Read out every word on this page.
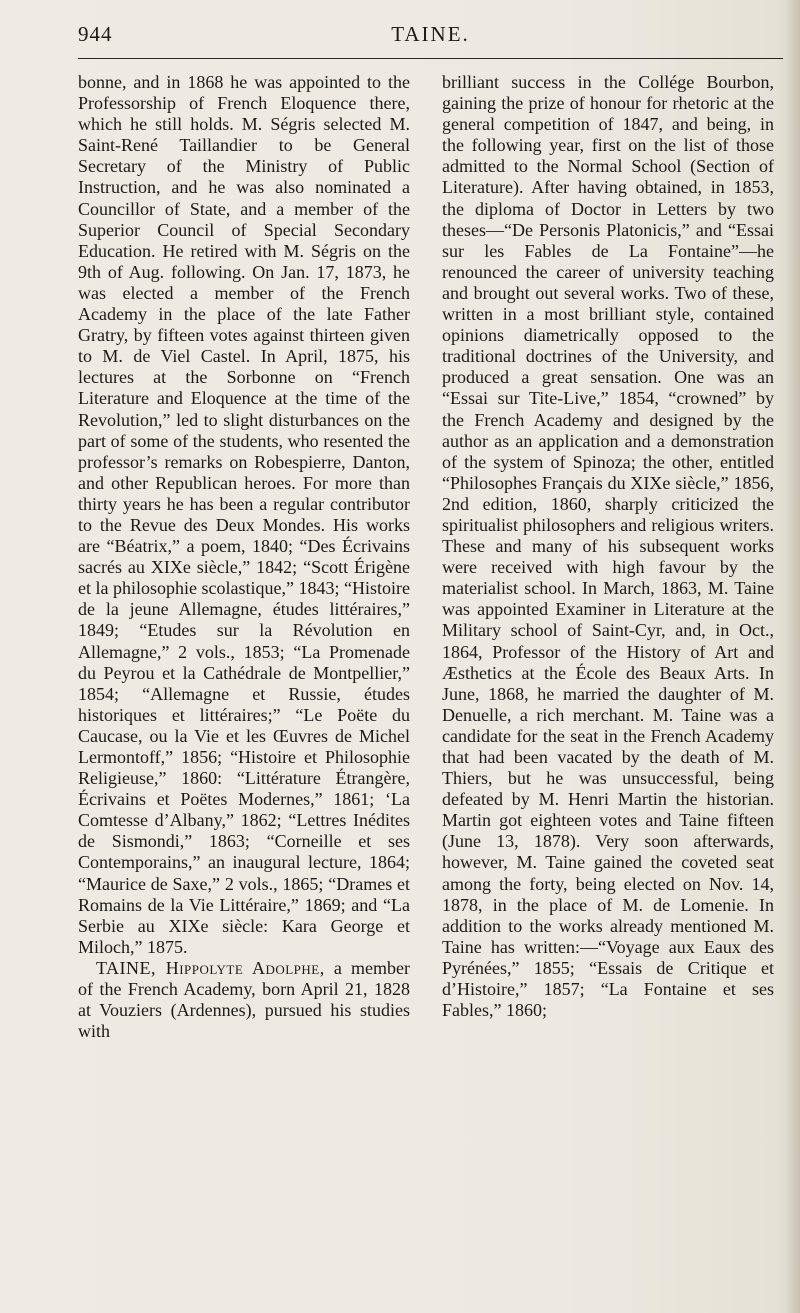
944	TAINE.

bonne, and in 1868 he was appointed to the Professorship of French Eloquence there, which he still holds. M. Ségris selected M. Saint-René Taillandier to be General Secretary of the Ministry of Public Instruction, and he was also nominated a Councillor of State, and a member of the Superior Council of Special Secondary Education. He retired with M. Ségris on the 9th of Aug. following. On Jan. 17, 1873, he was elected a member of the French Academy in the place of the late Father Gratry, by fifteen votes against thirteen given to M. de Viel Castel. In April, 1875, his lectures at the Sorbonne on “French Literature and Eloquence at the time of the Revolution,” led to slight disturbances on the part of some of the students, who resented the professor’s remarks on Robespierre, Danton, and other Republican heroes. For more than thirty years he has been a regular contributor to the Revue des Deux Mondes. His works are “Béatrix,” a poem, 1840; “Des Écrivains sacrés au XIXe siècle,” 1842; “Scott Érigène et la philosophie scolastique,” 1843; “Histoire de la jeune Allemagne, études littéraires,” 1849; “Etudes sur la Révolution en Allemagne,” 2 vols., 1853; “La Promenade du Peyrou et la Cathédrale de Montpellier,” 1854; “Allemagne et Russie, études historiques et littéraires;” “Le Poëte du Caucase, ou la Vie et les Œuvres de Michel Lermontoff,” 1856; “Histoire et Philosophie Religieuse,” 1860: “Littérature Étrangère, Écrivains et Poëtes Modernes,” 1861; ‘La Comtesse d’Albany,” 1862; “Lettres Inédites de Sismondi,” 1863; “Corneille et ses Contemporains,” an inaugural lecture, 1864; “Maurice de Saxe,” 2 vols., 1865; “Drames et Romains de la Vie Littéraire,” 1869; and “La Serbie au XIXe siècle: Kara George et Miloch,” 1875.

TAINE, Hippolyte Adolphe, a member of the French Academy, born April 21, 1828 at Vouziers (Ardennes), pursued his studies with

brilliant success in the Collége Bourbon, gaining the prize of honour for rhetoric at the general competition of 1847, and being, in the following year, first on the list of those admitted to the Normal School (Section of Literature). After having obtained, in 1853, the diploma of Doctor in Letters by two theses—“De Personis Platonicis,” and “Essai sur les Fables de La Fontaine”—he renounced the career of university teaching and brought out several works. Two of these, written in a most brilliant style, contained opinions diametrically opposed to the traditional doctrines of the University, and produced a great sensation. One was an “Essai sur Tite-Live,” 1854, “crowned” by the French Academy and designed by the author as an application and a demonstration of the system of Spinoza; the other, entitled “Philosophes Français du XIXe siècle,” 1856, 2nd edition, 1860, sharply criticized the spiritualist philosophers and religious writers. These and many of his subsequent works were received with high favour by the materialist school. In March, 1863, M. Taine was appointed Examiner in Literature at the Military school of Saint-Cyr, and, in Oct., 1864, Professor of the History of Art and Æsthetics at the École des Beaux Arts. In June, 1868, he married the daughter of M. Denuelle, a rich merchant. M. Taine was a candidate for the seat in the French Academy that had been vacated by the death of M. Thiers, but he was unsuccessful, being defeated by M. Henri Martin the historian. Martin got eighteen votes and Taine fifteen (June 13, 1878). Very soon afterwards, however, M. Taine gained the coveted seat among the forty, being elected on Nov. 14, 1878, in the place of M. de Lomenie. In addition to the works already mentioned M. Taine has written:—“Voyage aux Eaux des Pyrénées,” 1855; “Essais de Critique et d’Histoire,” 1857; “La Fontaine et ses Fables,” 1860;
